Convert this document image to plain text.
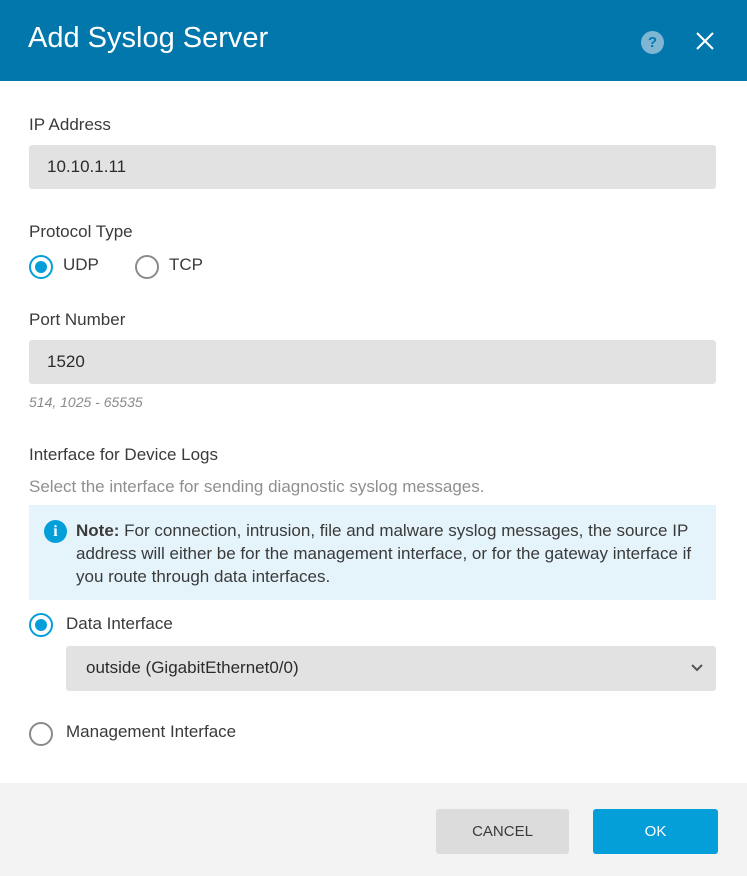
Add Syslog Server	?
IP Address
10.10.1.11
Protocol Type
UDP	TCP
Port Number
1520
514, 1025 - 65535
Interface for Device Logs
Select the interface for sending diagnostic syslog messages.
i	Note: For connection, intrusion, file and malware syslog messages, the source IP address will either be for the management interface, or for the gateway interface if you route through data interfaces.
Data Interface
outside (GigabitEthernet0/0)
Management Interface
CANCEL	OK
